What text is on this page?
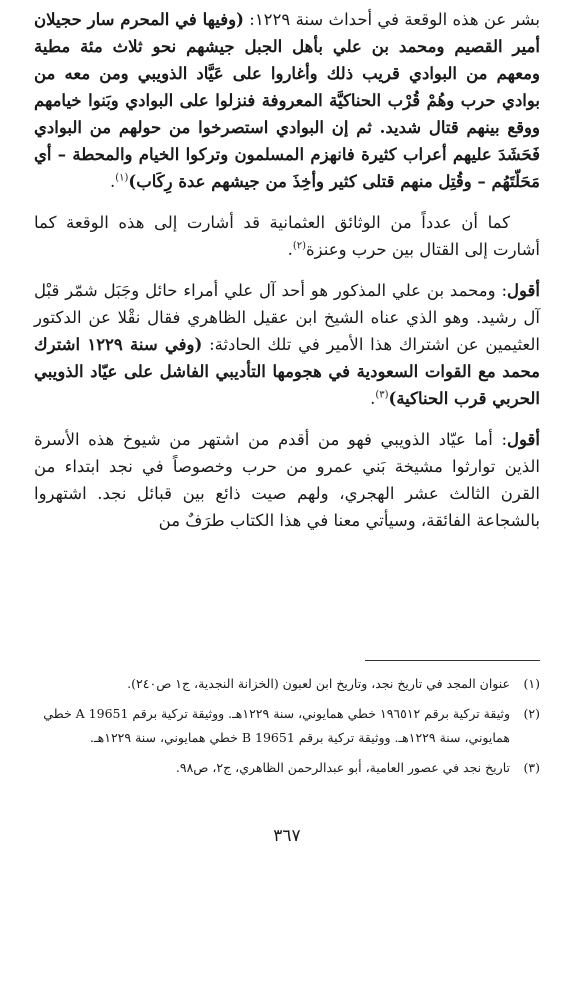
بشر عن هذه الوقعة في أحداث سنة ١٢٢٩: (وفيها في المحرم سار حجيلان أمير القصيم ومحمد بن علي بأهل الجبل جيشهم نحو ثلاث مئة مطية ومعهم من البوادي قريب ذلك وأغاروا على عَيَّاد الذويبي ومن معه من بوادي حرب وهُمْ قُرْب الحناكيَّة المعروفة فنزلوا على البوادي وبَنوا خيامهم ووقع بينهم قتال شديد. ثم إن البوادي استصرخوا من حولهم من البوادي فَحَشَدَ عليهم أعراب كثيرة فانهزم المسلمون وتركوا الخيام والمحطة – أي مَحَلّتَهُم – وقُتِل منهم قتلى كثير وأخِذَ من جيشهم عدة رِكَاب)$^{(١)}$.

كما أن عدداً من الوثائق العثمانية قد أشارت إلى هذه الوقعة كما أشارت إلى القتال بين حرب وعنزة$^{(٢)}$.

أقول: ومحمد بن علي المذكور هو أحد آل علي أمراء حائل وجَبَل شمّر قبْل آل رشيد. وهو الذي عناه الشيخ ابن عقيل الظاهري فقال نقْلا عن الدكتور العثيمين عن اشتراك هذا الأمير في تلك الحادثة: (وفي سنة ١٢٢٩ اشترك محمد مع القوات السعودية في هجومها التأديبي الفاشل على عيّاد الذويبي الحربي قرب الحناكية)$^{(٣)}$.

أقول: أما عيّاد الذويبي فهو من أقدم من اشتهر من شيوخ هذه الأسرة الذين توارثوا مشيخة بَني عمرو من حرب وخصوصاً في نجد ابتداء من القرن الثالث عشر الهجري، ولهم صيت ذائع بين قبائل نجد. اشتهروا بالشجاعة الفائقة، وسيأتي معنا في هذا الكتاب طرَفٌ من

(١)
عنوان المجد في تاريخ نجد، وتاريخ ابن لعبون (الخزانة النجدية، ج١ ص٢٤٠).
(٢)
وثيقة تركية برقم ١٩٦٥١٢ خطي همايوني، سنة ١٢٢٩هـ. ووثيقة تركية برقم A 19651 خطي همايوني، سنة ١٢٢٩هـ. ووثيقة تركية برقم B 19651 خطي همايوني، سنة ١٢٢٩هـ.
(٣)
تاريخ نجد في عصور العامية، أبو عبدالرحمن الظاهري، ج٢، ص٩٨.
٣٦٧
